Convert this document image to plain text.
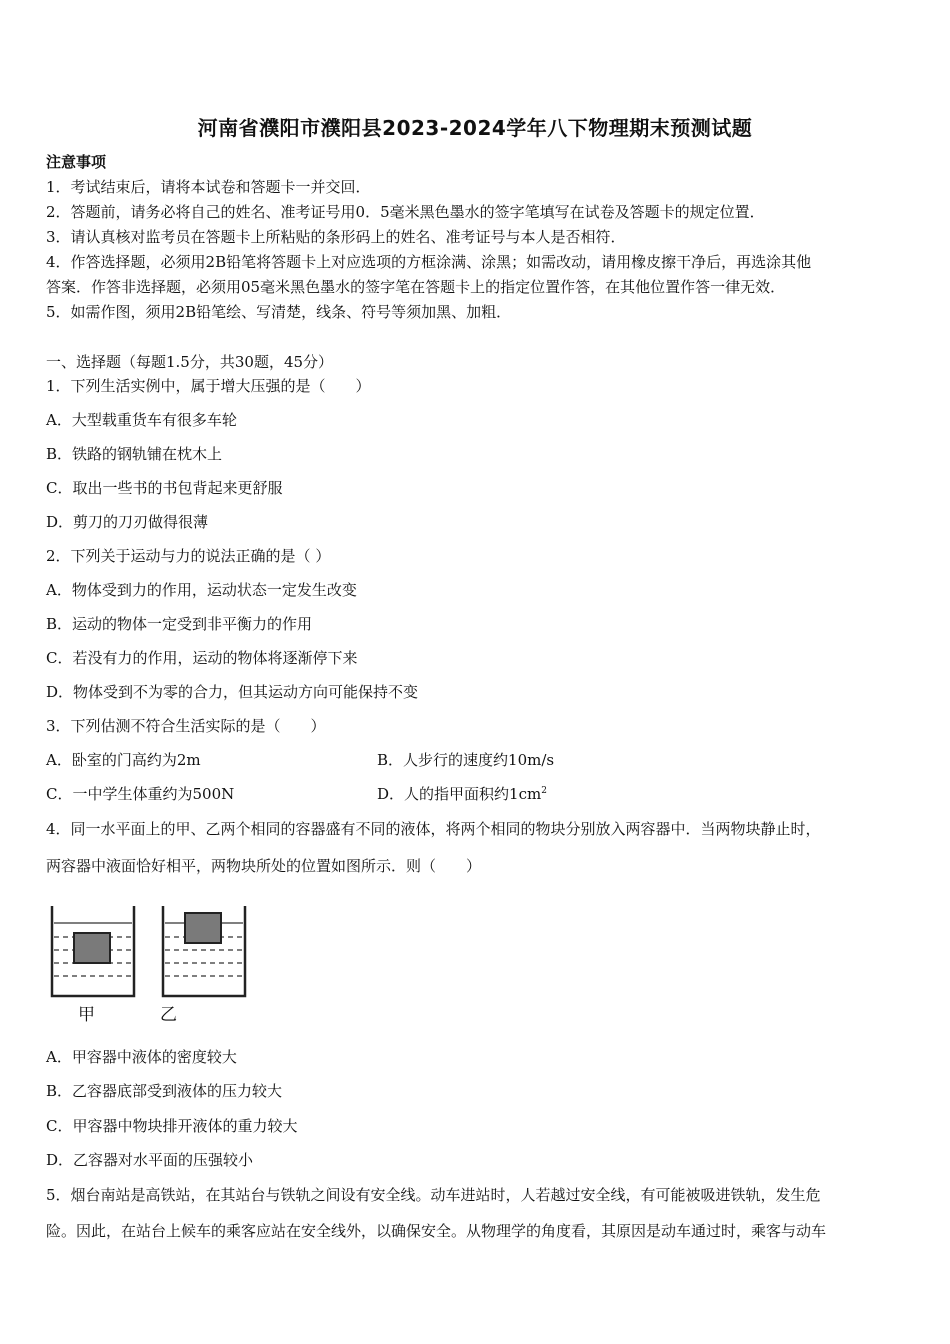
河南省濮阳市濮阳县2023-2024学年八下物理期末预测试题
注意事项
1．考试结束后，请将本试卷和答题卡一并交回．
2．答题前，请务必将自己的姓名、准考证号用0．5毫米黑色墨水的签字笔填写在试卷及答题卡的规定位置．
3．请认真核对监考员在答题卡上所粘贴的条形码上的姓名、准考证号与本人是否相符．
4．作答选择题，必须用2B铅笔将答题卡上对应选项的方框涂满、涂黑；如需改动，请用橡皮擦干净后，再选涂其他
答案．作答非选择题，必须用05毫米黑色墨水的签字笔在答题卡上的指定位置作答，在其他位置作答一律无效．
5．如需作图，须用2B铅笔绘、写清楚，线条、符号等须加黑、加粗．
一、选择题（每题1.5分，共30题，45分）
1．下列生活实例中，属于增大压强的是（　　）
A．大型载重货车有很多车轮
B．铁路的钢轨铺在枕木上
C．取出一些书的书包背起来更舒服
D．剪刀的刀刃做得很薄
2．下列关于运动与力的说法正确的是（ ）
A．物体受到力的作用，运动状态一定发生改变
B．运动的物体一定受到非平衡力的作用
C．若没有力的作用，运动的物体将逐渐停下来
D．物体受到不为零的合力，但其运动方向可能保持不变
3．下列估测不符合生活实际的是（　　）
A．卧室的门高约为2m	B．人步行的速度约10m/s
C．一中学生体重约为500N	D．人的指甲面积约$1cm^2$
4．同一水平面上的甲、乙两个相同的容器盛有不同的液体，将两个相同的物块分别放入两容器中．当两物块静止时，
两容器中液面恰好相平，两物块所处的位置如图所示．则（　　）
甲	乙
A．甲容器中液体的密度较大
B．乙容器底部受到液体的压力较大
C．甲容器中物块排开液体的重力较大
D．乙容器对水平面的压强较小
5．烟台南站是高铁站，在其站台与铁轨之间设有安全线。动车进站时，人若越过安全线，有可能被吸进铁轨，发生危
险。因此，在站台上候车的乘客应站在安全线外，以确保安全。从物理学的角度看，其原因是动车通过时，乘客与动车
